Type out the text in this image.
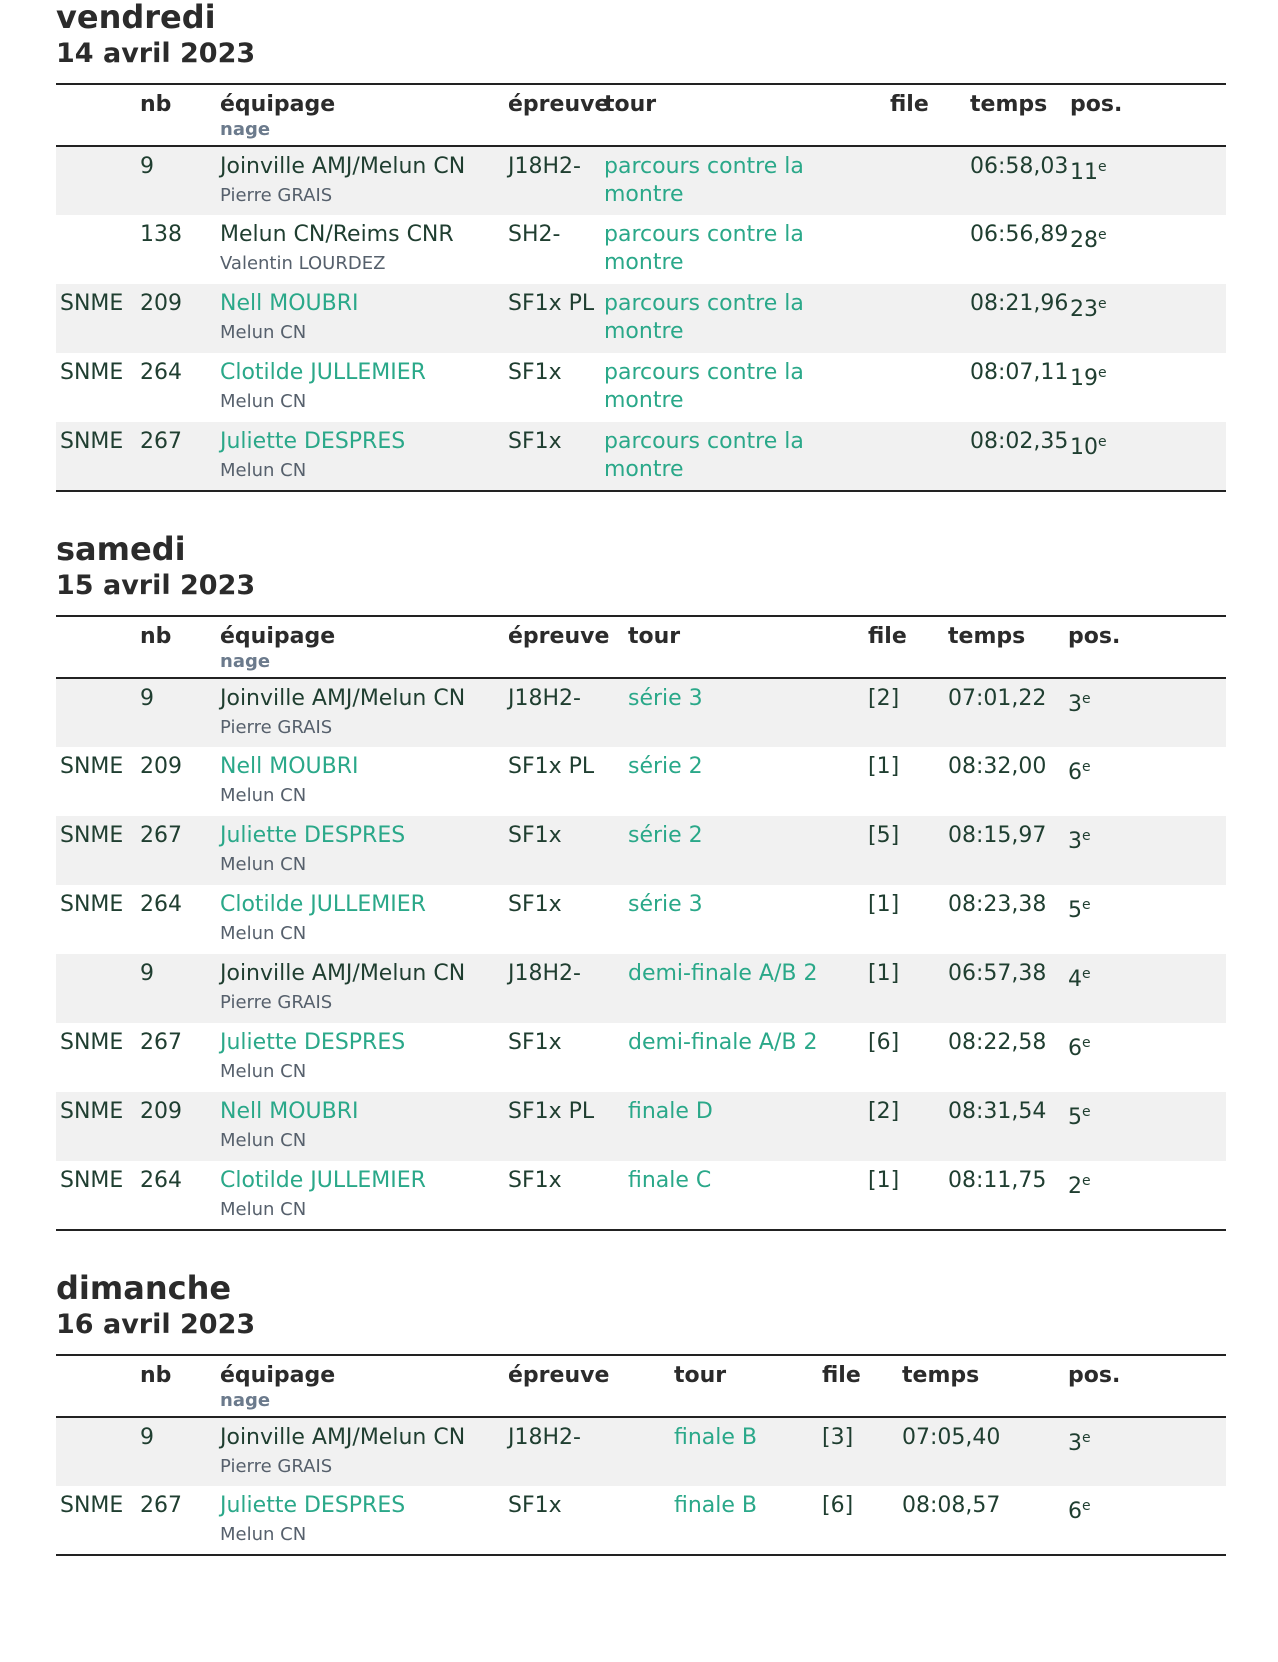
vendredi
14 avril 2023
	nb	équipage
nage	épreuve	tour	file	temps	pos.

	9	Joinville AMJ/Melun CN
Pierre GRAIS	J18H2-	parcours contre la montre		06:58,03	11e

	138	Melun CN/Reims CNR
Valentin LOURDEZ	SH2-	parcours contre la montre		06:56,89	28e

SNME	209	Nell MOUBRI
Melun CN	SF1x PL	parcours contre la montre		08:21,96	23e

SNME	264	Clotilde JULLEMIER
Melun CN	SF1x	parcours contre la montre		08:07,11	19e

SNME	267	Juliette DESPRES
Melun CN	SF1x	parcours contre la montre		08:02,35	10e
samedi
15 avril 2023
	nb	équipage
nage	épreuve	tour	file	temps	pos.

	9	Joinville AMJ/Melun CN
Pierre GRAIS	J18H2-	série 3	[2]	07:01,22	3e

SNME	209	Nell MOUBRI
Melun CN	SF1x PL	série 2	[1]	08:32,00	6e

SNME	267	Juliette DESPRES
Melun CN	SF1x	série 2	[5]	08:15,97	3e

SNME	264	Clotilde JULLEMIER
Melun CN	SF1x	série 3	[1]	08:23,38	5e

	9	Joinville AMJ/Melun CN
Pierre GRAIS	J18H2-	demi-finale A/B 2	[1]	06:57,38	4e

SNME	267	Juliette DESPRES
Melun CN	SF1x	demi-finale A/B 2	[6]	08:22,58	6e

SNME	209	Nell MOUBRI
Melun CN	SF1x PL	finale D	[2]	08:31,54	5e

SNME	264	Clotilde JULLEMIER
Melun CN	SF1x	finale C	[1]	08:11,75	2e
dimanche
16 avril 2023
	nb	équipage
nage	épreuve	tour	file	temps	pos.

	9	Joinville AMJ/Melun CN
Pierre GRAIS	J18H2-	finale B	[3]	07:05,40	3e

SNME	267	Juliette DESPRES
Melun CN	SF1x	finale B	[6]	08:08,57	6e
